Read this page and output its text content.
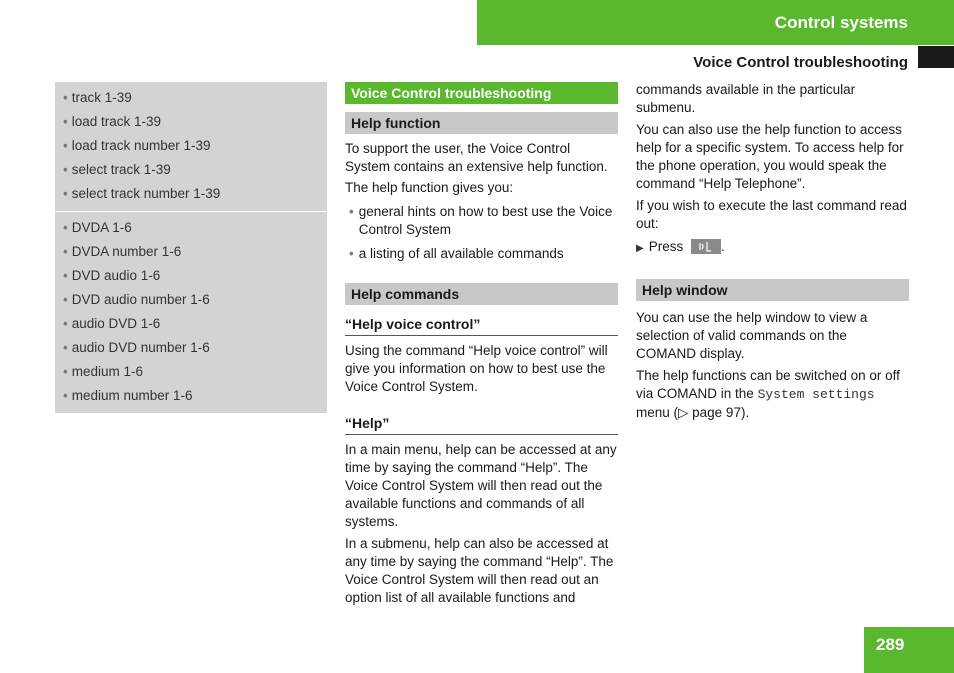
Control systems
Voice Control troubleshooting
• track 1-39
• load track 1-39
• load track number 1-39
• select track 1-39
• select track number 1-39
• DVDA 1-6
• DVDA number 1-6
• DVD audio 1-6
• DVD audio number 1-6
• audio DVD 1-6
• audio DVD number 1-6
• medium 1-6
• medium number 1-6
Voice Control troubleshooting
Help function

To support the user, the Voice Control System contains an extensive help function.

The help function gives you:

• general hints on how to best use the Voice Control System
• a listing of all available commands
Help commands
“Help voice control”

Using the command “Help voice control” will give you information on how to best use the Voice Control System.

“Help”

In a main menu, help can be accessed at any time by saying the command “Help”. The Voice Control System will then read out the available functions and commands of all systems.

In a submenu, help can also be accessed at any time by saying the command “Help”. The Voice Control System will then read out an option list of all available functions and

commands available in the particular submenu.

You can also use the help function to access help for a specific system. To access help for the phone operation, you would speak the command “Help Telephone”.

If you wish to execute the last command read out:

▶ Press	.

Help window

You can use the help window to view a selection of valid commands on the COMAND display.

The help functions can be switched on or off via COMAND in the System settings menu (▷ page 97).

289
